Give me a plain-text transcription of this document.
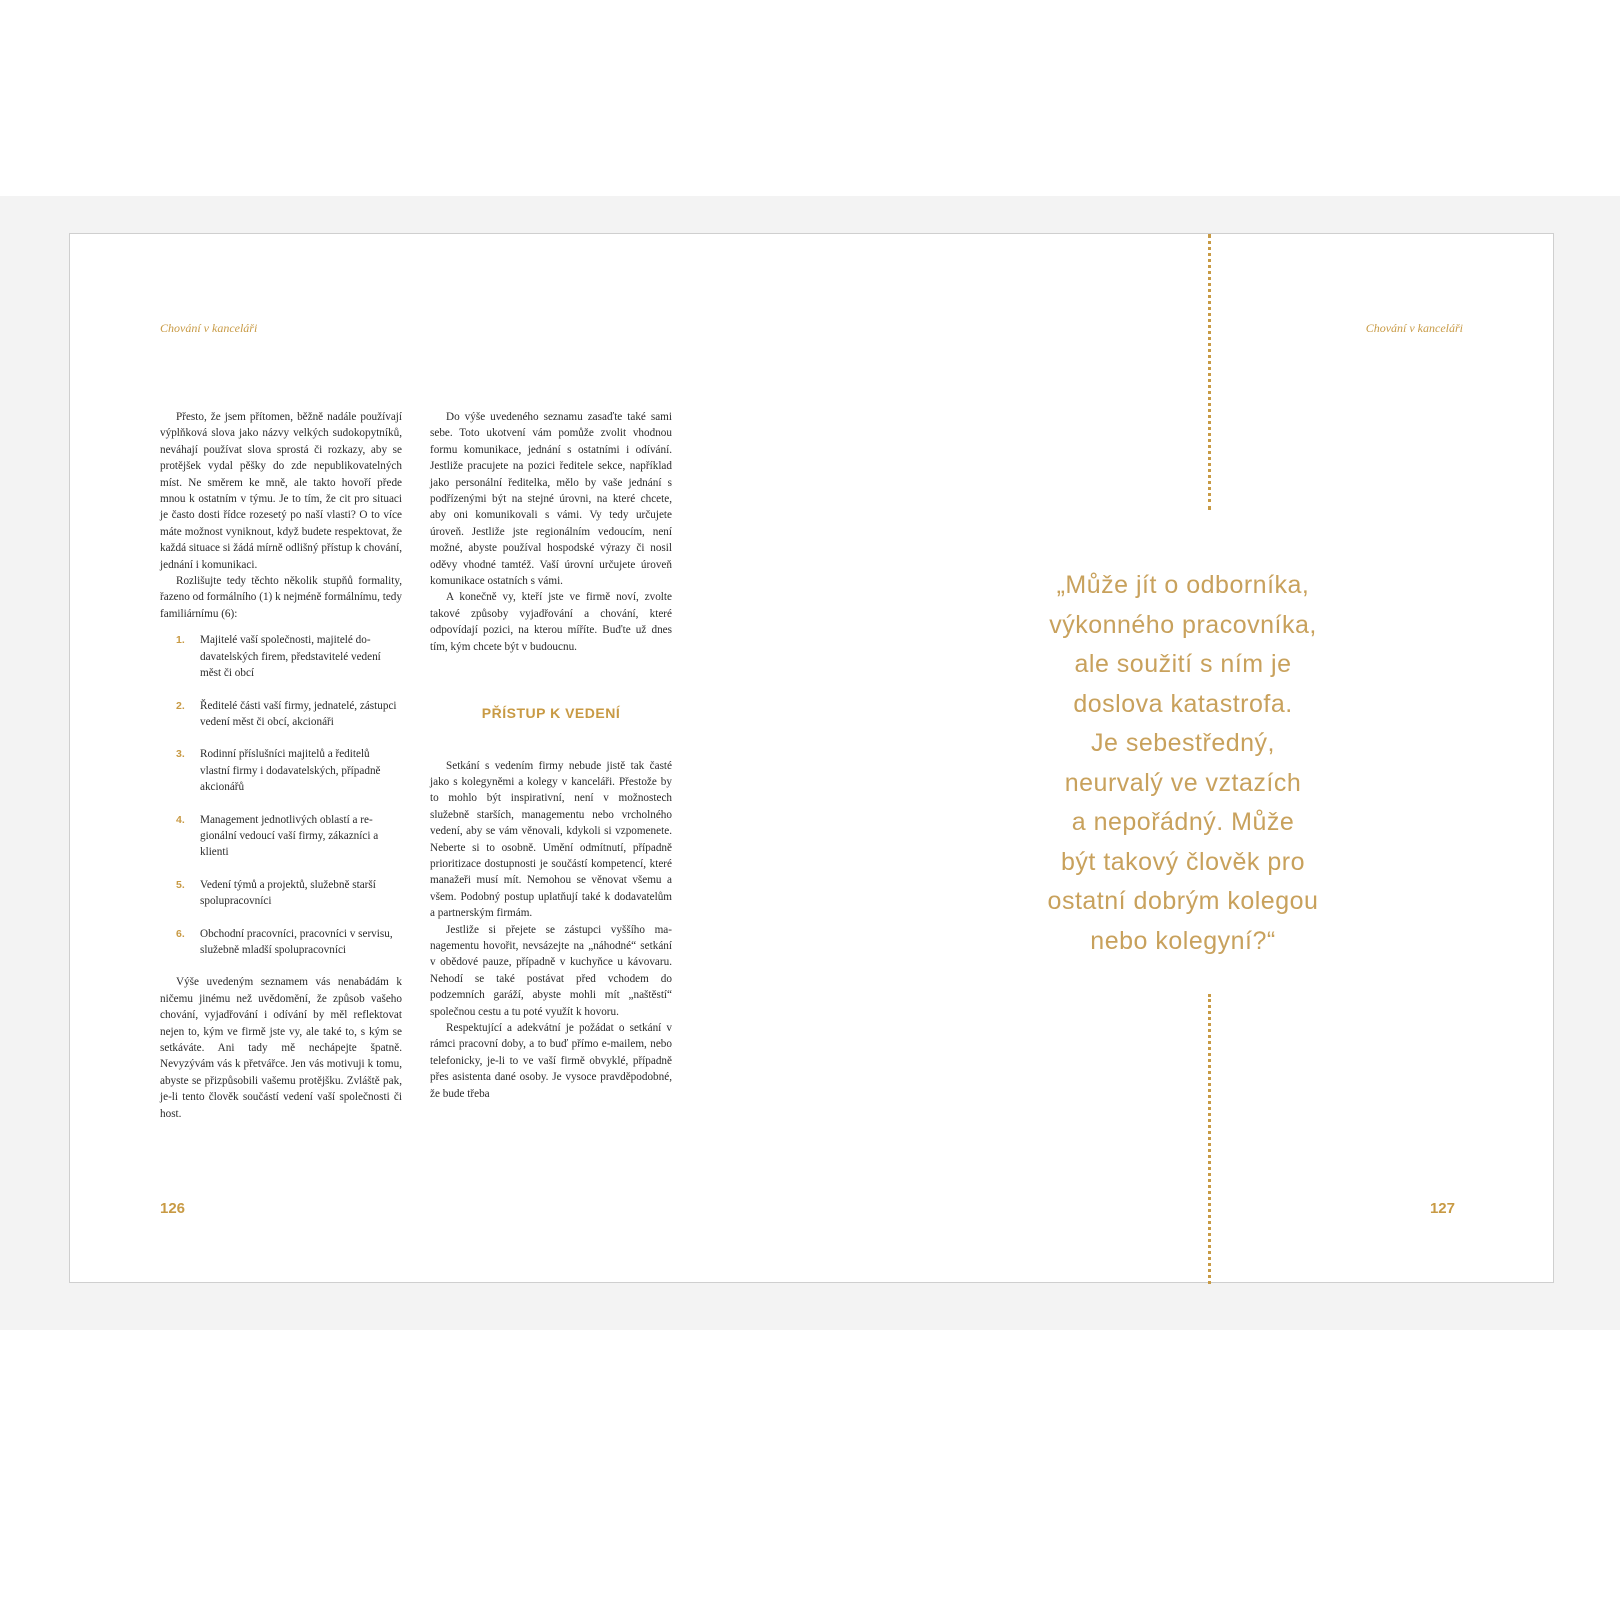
Chování v kanceláři

Přesto, že jsem přítomen, běžně nadále používají výplňková slova jako názvy velkých sudokopytníků, neváhají používat slova sprostá či rozkazy, aby se protějšek vydal pěšky do zde nepublikovatelných míst. Ne směrem ke mně, ale takto hovoří přede mnou k ostatním v týmu. Je to tím, že cit pro situaci je často dosti řídce rozesetý po naší vlasti? O to více máte možnost vyniknout, když budete respektovat, že každá situace si žádá mírně odlišný přístup k chování, jednání i komunikaci.

Rozlišujte tedy těchto několik stupňů formality, řazeno od formálního (1) k nejméně formálnímu, tedy familiárnímu (6):

1.	Majitelé vaší společnosti, majitelé dodavatelských firem, představitelé vedení měst či obcí
2.	Ředitelé části vaší firmy, jednatelé, zástupci vedení měst či obcí, akcionáři
3.	Rodinní příslušníci majitelů a ředitelů vlastní firmy i dodavatelských, případně akcionářů
4.	Management jednotlivých oblastí a regionální vedoucí vaší firmy, zákazníci a klienti
5.	Vedení týmů a projektů, služebně starší spolupracovníci
6.	Obchodní pracovníci, pracovníci v servisu, služebně mladší spolupracovníci

Výše uvedeným seznamem vás nenabádám k ničemu jinému než uvědomění, že způsob vašeho chování, vyjadřování i odívání by měl reflektovat nejen to, kým ve firmě jste vy, ale také to, s kým se setkáváte. Ani tady mě nechápejte špatně. Nevyzývám vás k přetvářce. Jen vás motivuji k tomu, abyste se přizpůsobili vašemu protějšku. Zvláště pak, je-li tento člověk součástí vedení vaší společnosti či host.

Do výše uvedeného seznamu zasaďte také sami sebe. Toto ukotvení vám pomůže zvolit vhodnou formu komunikace, jednání s ostatními i odívání. Jestliže pracujete na pozici ředitele sekce, například jako personální ředitelka, mělo by vaše jednání s podřízenými být na stejné úrovni, na které chcete, aby oni komunikovali s vámi. Vy tedy určujete úroveň. Jestliže jste regionálním vedoucím, není možné, abyste používal hospodské výrazy či nosil oděvy vhodné tamtéž. Vaší úrovní určujete úroveň komunikace ostatních s vámi.

A konečně vy, kteří jste ve firmě noví, zvolte takové způsoby vyjadřování a chování, které odpovídají pozici, na kterou míříte. Buďte už dnes tím, kým chcete být v budoucnu.

PŘÍSTUP K VEDENÍ

Setkání s vedením firmy nebude jistě tak časté jako s kolegyněmi a kolegy v kanceláři. Přestože by to mohlo být inspirativní, není v možnostech služebně starších, managementu nebo vrcholného vedení, aby se vám věnovali, kdykoli si vzpomenete. Neberte si to osobně. Umění odmítnutí, případně prioritizace dostupnosti je součástí kompetencí, které manažeři musí mít. Nemohou se věnovat všemu a všem. Podobný postup uplatňují také k dodavatelům a partnerským firmám.

Jestliže si přejete se zástupci vyššího managementu hovořit, nevsázejte na „náhodné“ setkání v obědové pauze, případně v kuchyňce u kávovaru. Nehodí se také postávat před vchodem do podzemních garáží, abyste mohli mít „naštěstí“ společnou cestu a tu poté využít k hovoru.

Respektující a adekvátní je požádat o setkání v rámci pracovní doby, a to buď přímo e-mailem, nebo telefonicky, je-li to ve vaší firmě obvyklé, případně přes asistenta dané osoby. Je vysoce pravděpodobné, že bude třeba

126
Chování v kanceláři
„Může jít o odborníka,
výkonného pracovníka,
ale soužití s ním je
doslova katastrofa.
Je sebestředný,
neurvalý ve vztazích
a nepořádný. Může
být takový člověk pro
ostatní dobrým kolegou
nebo kolegyní?“
127
